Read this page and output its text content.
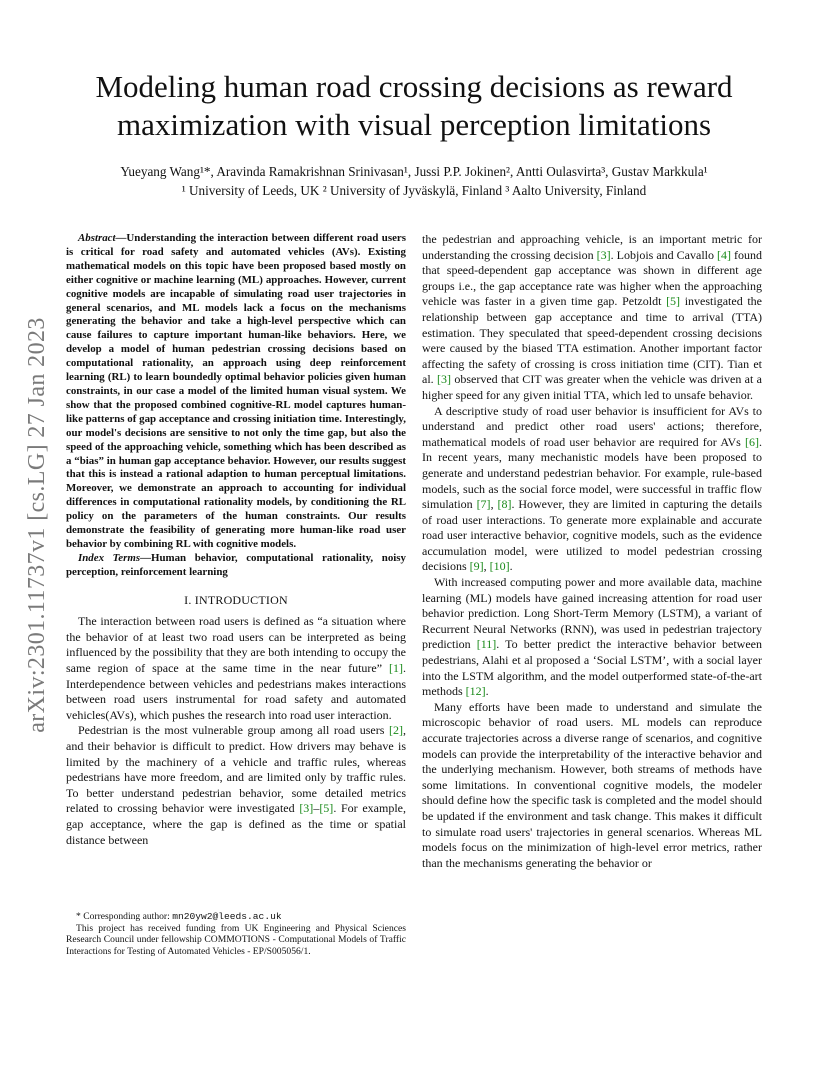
arXiv:2301.11737v1 [cs.LG] 27 Jan 2023
Modeling human road crossing decisions as reward maximization with visual perception limitations
Yueyang Wang¹*, Aravinda Ramakrishnan Srinivasan¹, Jussi P.P. Jokinen², Antti Oulasvirta³, Gustav Markkula¹
¹ University of Leeds, UK ² University of Jyväskylä, Finland ³ Aalto University, Finland

Abstract—Understanding the interaction between different road users is critical for road safety and automated vehicles (AVs). Existing mathematical models on this topic have been proposed based mostly on either cognitive or machine learning (ML) approaches. However, current cognitive models are incapable of simulating road user trajectories in general scenarios, and ML models lack a focus on the mechanisms generating the behavior and take a high-level perspective which can cause failures to capture important human-like behaviors. Here, we develop a model of human pedestrian crossing decisions based on computational rationality, an approach using deep reinforcement learning (RL) to learn boundedly optimal behavior policies given human constraints, in our case a model of the limited human visual system. We show that the proposed combined cognitive-RL model captures human-like patterns of gap acceptance and crossing initiation time. Interestingly, our model's decisions are sensitive to not only the time gap, but also the speed of the approaching vehicle, something which has been described as a “bias” in human gap acceptance behavior. However, our results suggest that this is instead a rational adaption to human perceptual limitations. Moreover, we demonstrate an approach to accounting for individual differences in computational rationality models, by conditioning the RL policy on the parameters of the human constraints. Our results demonstrate the feasibility of generating more human-like road user behavior by combining RL with cognitive models.

Index Terms—Human behavior, computational rationality, noisy perception, reinforcement learning

I. INTRODUCTION

The interaction between road users is defined as “a situation where the behavior of at least two road users can be interpreted as being influenced by the possibility that they are both intending to occupy the same region of space at the same time in the near future” [1]. Interdependence between vehicles and pedestrians makes interactions between road users instrumental for road safety and automated vehicles(AVs), which pushes the research into road user interaction.

Pedestrian is the most vulnerable group among all road users [2], and their behavior is difficult to predict. How drivers may behave is limited by the machinery of a vehicle and traffic rules, whereas pedestrians have more freedom, and are limited only by traffic rules. To better understand pedestrian behavior, some detailed metrics related to crossing behavior were investigated [3]–[5]. For example, gap acceptance, where the gap is defined as the time or spatial distance between

* Corresponding author: mn20yw2@leeds.ac.uk

This project has received funding from UK Engineering and Physical Sciences Research Council under fellowship COMMOTIONS - Computational Models of Traffic Interactions for Testing of Automated Vehicles - EP/S005056/1.

the pedestrian and approaching vehicle, is an important metric for understanding the crossing decision [3]. Lobjois and Cavallo [4] found that speed-dependent gap acceptance was shown in different age groups i.e., the gap acceptance rate was higher when the approaching vehicle was faster in a given time gap. Petzoldt [5] investigated the relationship between gap acceptance and time to arrival (TTA) estimation. They speculated that speed-dependent crossing decisions were caused by the biased TTA estimation. Another important factor affecting the safety of crossing is cross initiation time (CIT). Tian et al. [3] observed that CIT was greater when the vehicle was driven at a higher speed for any given initial TTA, which led to unsafe behavior.

A descriptive study of road user behavior is insufficient for AVs to understand and predict other road users' actions; therefore, mathematical models of road user behavior are required for AVs [6]. In recent years, many mechanistic models have been proposed to generate and understand pedestrian behavior. For example, rule-based models, such as the social force model, were successful in traffic flow simulation [7], [8]. However, they are limited in capturing the details of road user interactions. To generate more explainable and accurate road user interactive behavior, cognitive models, such as the evidence accumulation model, were utilized to model pedestrian crossing decisions [9], [10].

With increased computing power and more available data, machine learning (ML) models have gained increasing attention for road user behavior prediction. Long Short-Term Memory (LSTM), a variant of Recurrent Neural Networks (RNN), was used in pedestrian trajectory prediction [11]. To better predict the interactive behavior between pedestrians, Alahi et al proposed a ‘Social LSTM’, with a social layer into the LSTM algorithm, and the model outperformed state-of-the-art methods [12].

Many efforts have been made to understand and simulate the microscopic behavior of road users. ML models can reproduce accurate trajectories across a diverse range of scenarios, and cognitive models can provide the interpretability of the interactive behavior and the underlying mechanism. However, both streams of methods have some limitations. In conventional cognitive models, the modeler should define how the specific task is completed and the model should be updated if the environment and task change. This makes it difficult to simulate road users' trajectories in general scenarios. Whereas ML models focus on the minimization of high-level error metrics, rather than the mechanisms generating the behavior or
